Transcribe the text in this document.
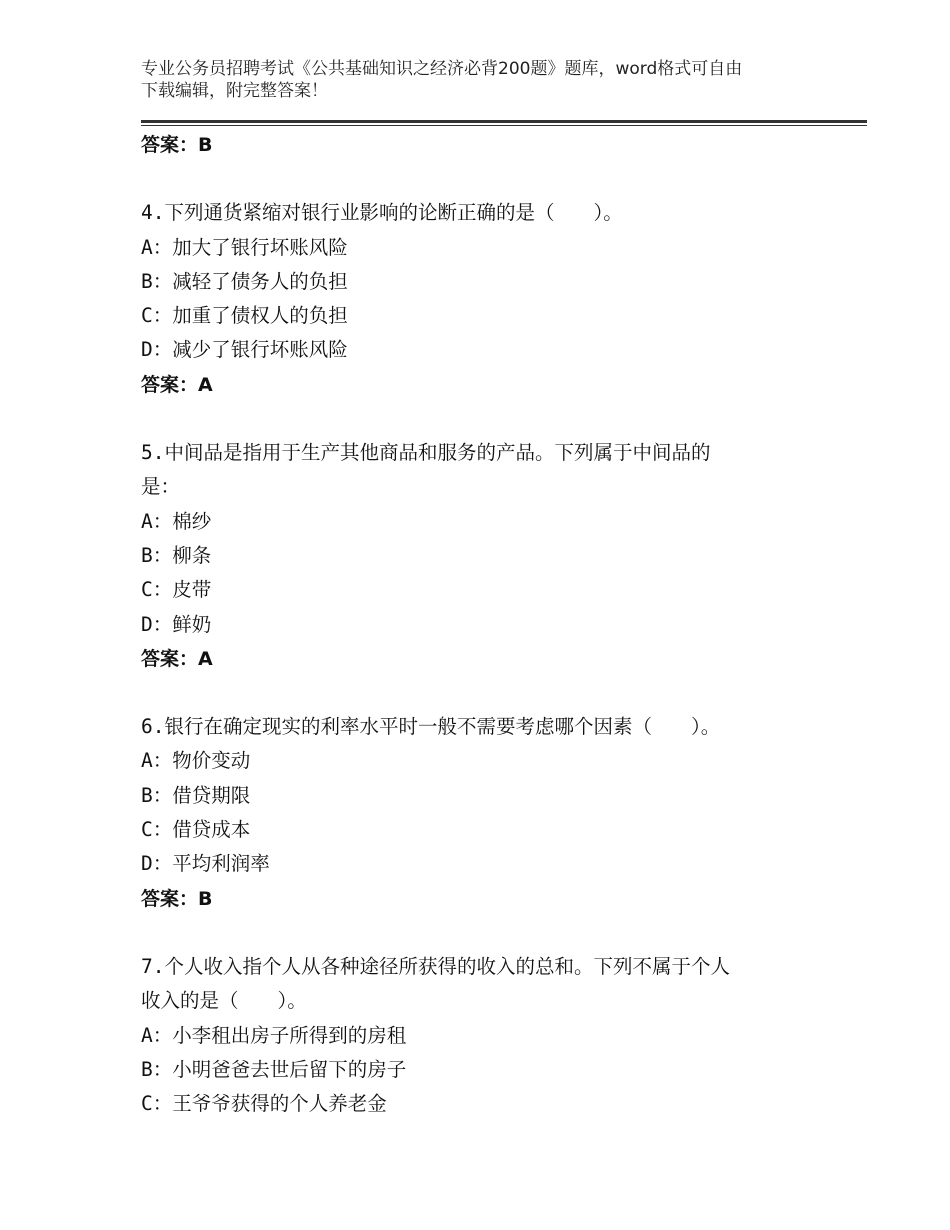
专业公务员招聘考试《公共基础知识之经济必背200题》题库，word格式可自由
下载编辑，附完整答案！
答案：B
4.下列通货紧缩对银行业影响的论断正确的是（　　）。
A：加大了银行坏账风险
B：减轻了债务人的负担
C：加重了债权人的负担
D：减少了银行坏账风险
答案：A
5.中间品是指用于生产其他商品和服务的产品。下列属于中间品的
是：
A：棉纱
B：柳条
C：皮带
D：鲜奶
答案：A
6.银行在确定现实的利率水平时一般不需要考虑哪个因素（　　）。
A：物价变动
B：借贷期限
C：借贷成本
D：平均利润率
答案：B
7.个人收入指个人从各种途径所获得的收入的总和。下列不属于个人
收入的是（　　）。
A：小李租出房子所得到的房租
B：小明爸爸去世后留下的房子
C：王爷爷获得的个人养老金
